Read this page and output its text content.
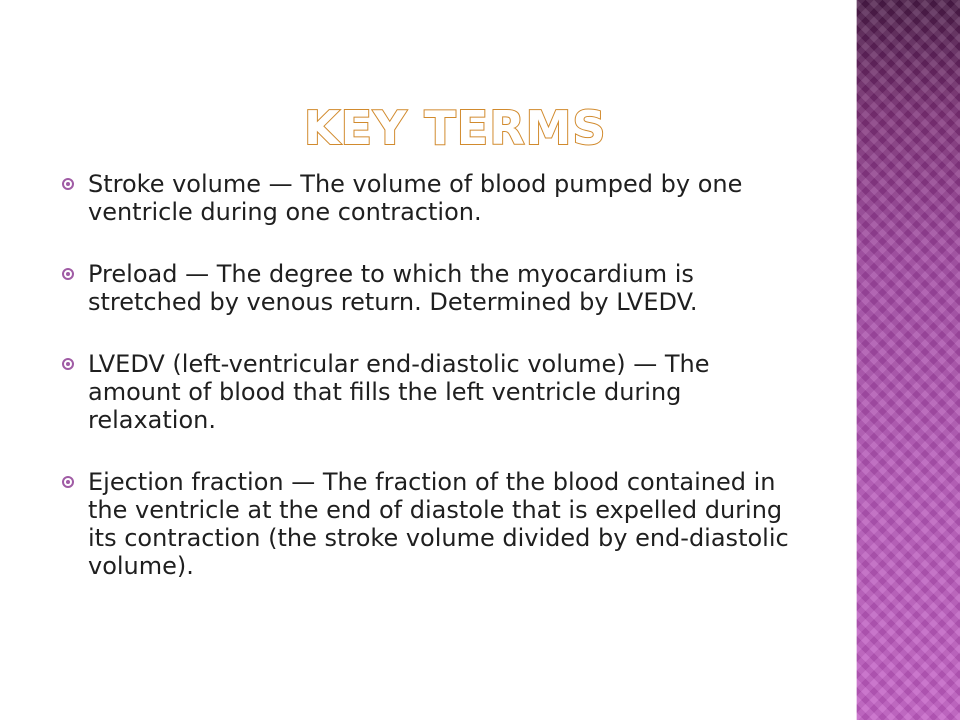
KEY TERMS
Stroke volume — The volume of blood pumped by one ventricle during one contraction.
Preload — The degree to which the myocardium is stretched by venous return. Determined by LVEDV.
LVEDV (left-ventricular end-diastolic volume) — The amount of blood that fills the left ventricle during relaxation.
Ejection fraction — The fraction of the blood contained in the ventricle at the end of diastole that is expelled during its contraction (the stroke volume divided by end-diastolic volume).
